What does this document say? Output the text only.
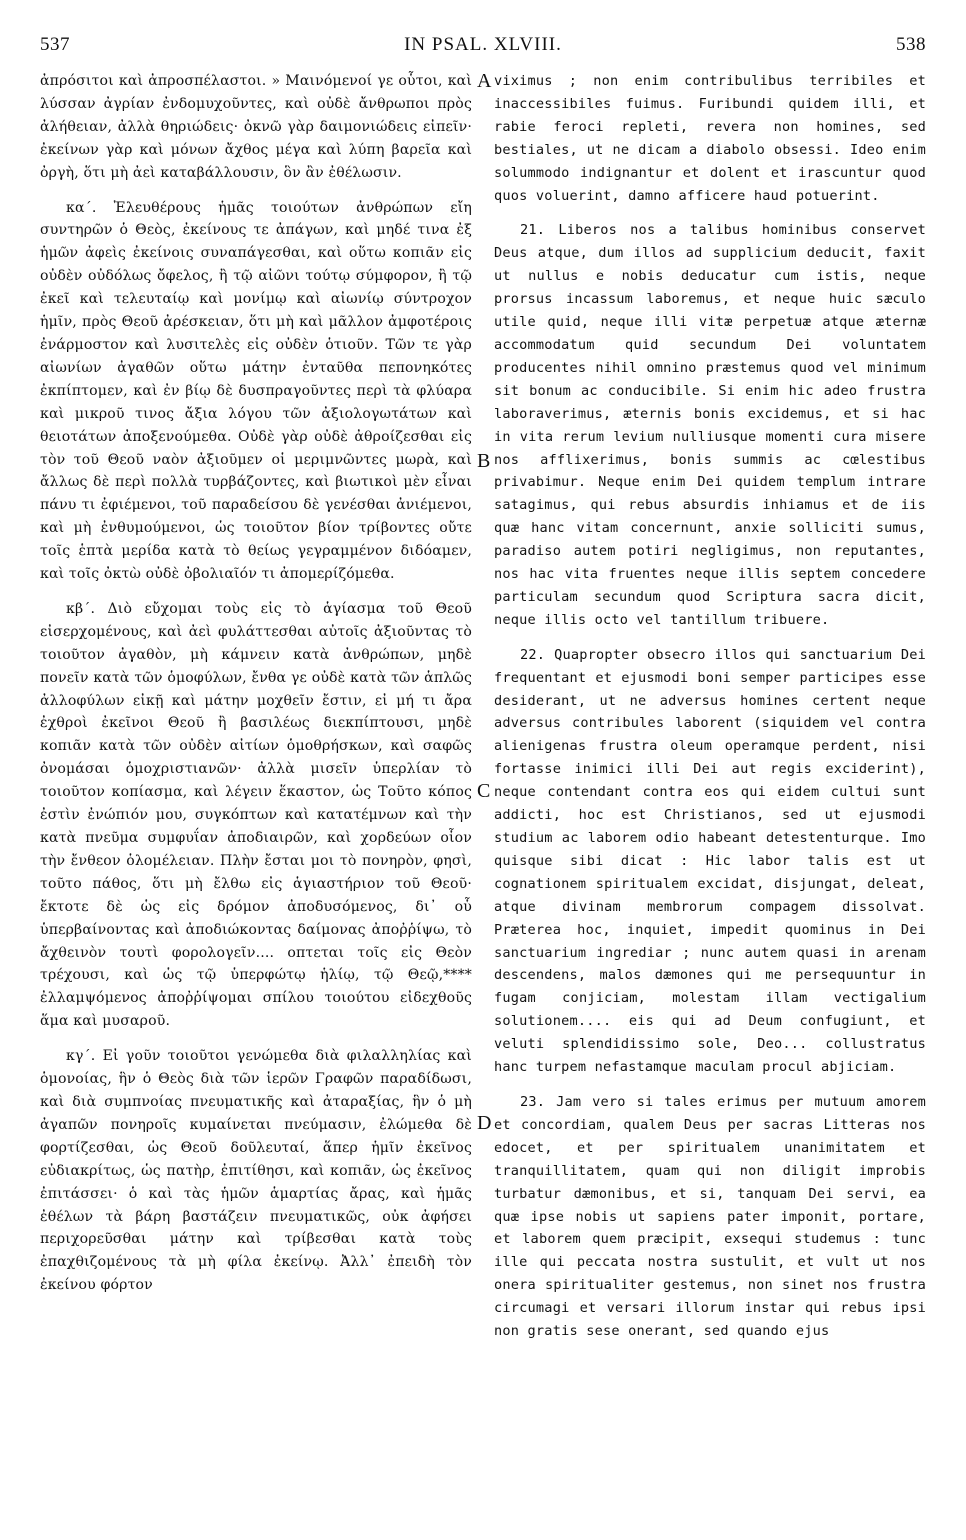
537	IN PSAL. XLVIII.	538

ἀπρόσιτοι καὶ ἀπροσπέλαστοι. » Μαινόμενοί γε οὗτοι, καὶ λύσσαν ἀγρίαν ἐνδομυχοῦντες, καὶ οὐδὲ ἄνθρωποι πρὸς ἀλήθειαν, ἀλλὰ θηριώδεις· ὀκνῶ γὰρ δαιμονιώδεις εἰπεῖν· ἐκείνων γὰρ καὶ μόνων ἄχθος μέγα καὶ λύπη βαρεῖα καὶ ὀργὴ, ὅτι μὴ ἀεὶ καταβάλλουσιν, ὃν ἂν ἐθέλωσιν.

κα΄. Ἐλευθέρους ἡμᾶς τοιούτων ἀνθρώπων εἴη συντηρῶν ὁ Θεὸς, ἐκείνους τε ἀπάγων, καὶ μηδέ τινα ἐξ ἡμῶν ἀφεὶς ἐκείνοις συναπάγεσθαι, καὶ οὕτω κοπιᾶν εἰς οὐδὲν οὐδόλως ὄφελος, ἢ τῷ αἰῶνι τούτῳ σύμφορον, ἢ τῷ ἐκεῖ καὶ τελευταίῳ καὶ μονίμῳ καὶ αἰωνίῳ σύντροχον ἡμῖν, πρὸς Θεοῦ ἀρέσκειαν, ὅτι μὴ καὶ μᾶλλον ἀμφοτέροις ἐνάρμοστον καὶ λυσιτελὲς εἰς οὐδὲν ὁτιοῦν. Τῶν τε γὰρ αἰωνίων ἀγαθῶν οὕτω μάτην ἐνταῦθα πεπονηκότες ἐκπίπτομεν, καὶ ἐν βίῳ δὲ δυσπραγοῦντες περὶ τὰ φλύαρα καὶ μικροῦ τινος ἄξια λόγου τῶν ἀξιολογωτάτων καὶ θειοτάτων ἀποξενούμεθα. Οὐδὲ γὰρ οὐδὲ ἀθροίζεσθαι εἰς τὸν τοῦ Θεοῦ ναὸν ἀξιοῦμεν οἱ μεριμνῶντες μωρὰ, καὶ ἄλλως δὲ περὶ πολλὰ τυρβάζοντες, καὶ βιωτικοὶ μὲν εἶναι πάνυ τι ἐφιέμενοι, τοῦ παραδείσου δὲ γενέσθαι ἀνιέμενοι, καὶ μὴ ἐνθυμούμενοι, ὡς τοιοῦτον βίον τρίβοντες οὔτε τοῖς ἑπτὰ μερίδα κατὰ τὸ θείως γεγραμμένον διδόαμεν, καὶ τοῖς ὀκτὼ οὐδὲ ὀβολιαῖόν τι ἀπομερίζόμεθα.

κβ΄. Διὸ εὔχομαι τοὺς εἰς τὸ ἁγίασμα τοῦ Θεοῦ εἰσερχομένους, καὶ ἀεὶ φυλάττεσθαι αὐτοῖς ἀξιοῦντας τὸ τοιοῦτον ἀγαθὸν, μὴ κάμνειν κατὰ ἀνθρώπων, μηδὲ πονεῖν κατὰ τῶν ὁμοφύλων, ἔνθα γε οὐδὲ κατὰ τῶν ἁπλῶς ἀλλοφύλων εἰκῇ καὶ μάτην μοχθεῖν ἔστιν, εἰ μή τι ἄρα ἐχθροὶ ἐκεῖνοι Θεοῦ ἢ βασιλέως διεκπίπτουσι, μηδὲ κοπιᾶν κατὰ τῶν οὐδὲν αἰτίων ὁμοθρήσκων, καὶ σαφῶς ὀνομάσαι ὁμοχριστιανῶν· ἀλλὰ μισεῖν ὑπερλίαν τὸ τοιοῦτον κοπίασμα, καὶ λέγειν ἕκαστον, ὡς Τοῦτο κόπος ἐστὶν ἐνώπιόν μου, συγκόπτων καὶ κατατέμνων καὶ τὴν κατὰ πνεῦμα συμφυΐαν ἀποδιαιρῶν, καὶ χορδεύων οἷον τὴν ἔνθεον ὁλομέλειαν. Πλὴν ἔσται μοι τὸ πονηρὸν, φησὶ, τοῦτο πάθος, ὅτι μὴ ἔλθω εἰς ἁγιαστήριον τοῦ Θεοῦ· ἔκτοτε δὲ ὡς εἰς δρόμον ἀποδυσόμενος, δι᾽ οὗ ὑπερβαίνοντας καὶ ἀποδιώκοντας δαίμονας ἀποῤῥίψω, τὸ ἄχθεινὸν τουτὶ φορολογεῖν.... οπτεται τοῖς εἰς Θεὸν τρέχουσι, καὶ ὡς τῷ ὑπερφώτῳ ἡλίῳ, τῷ Θεῷ,**** ἐλλαμψόμενος ἀποῤῥίψομαι σπίλου τοιούτου εἰδεχθοῦς ἅμα καὶ μυσαροῦ.

κγ΄. Εἰ γοῦν τοιοῦτοι γενώμεθα διὰ φιλαλληλίας καὶ ὁμονοίας, ἣν ὁ Θεὸς διὰ τῶν ἱερῶν Γραφῶν παραδίδωσι, καὶ διὰ συμπνοίας πνευματικῆς καὶ ἀταραξίας, ἣν ὁ μὴ ἀγαπῶν πονηροῖς κυμαίνεται πνεύμασιν, ἐλώμεθα δὲ φορτίζεσθαι, ὡς Θεοῦ δοῦλευταί, ἅπερ ἡμῖν ἐκεῖνος εὐδιακρίτως, ὡς πατὴρ, ἐπιτίθησι, καὶ κοπιᾶν, ὡς ἐκεῖνος ἐπιτάσσει· ὁ καὶ τὰς ἡμῶν ἁμαρτίας ἄρας, καὶ ἡμᾶς ἐθέλων τὰ βάρη βαστάζειν πνευματικῶς, οὐκ ἀφήσει περιχορεῦσθαι μάτην καὶ τρίβεσθαι κατὰ τοὺς ἐπαχθιζομένους τὰ μὴ φίλα ἐκείνῳ. Ἀλλ᾽ ἐπειδὴ τὸν ἐκείνου φόρτον

viximus ; non enim contribulibus terribiles et inaccessibiles fuimus. Furibundi quidem illi, et rabie feroci repleti, revera non homines, sed bestiales, ut ne dicam a diabolo obsessi. Ideo enim solummodo indignantur et dolent et irascuntur quod quos voluerint, damno afficere haud potuerint.

21. Liberos nos a talibus hominibus conservet Deus atque, dum illos ad supplicium deducit, faxit ut nullus e nobis deducatur cum istis, neque prorsus incassum laboremus, et neque huic sæculo utile quid, neque illi vitæ perpetuæ atque æternæ accommodatum quid secundum Dei voluntatem producentes nihil omnino præstemus quod vel minimum sit bonum ac conducibile. Si enim hic adeo frustra laboraverimus, æternis bonis excidemus, et si hac in vita rerum levium nulliusque momenti cura misere nos afflixerimus, bonis summis ac cœlestibus privabimur. Neque enim Dei quidem templum intrare satagimus, qui rebus absurdis inhiamus et de iis quæ hanc vitam concernunt, anxie solliciti sumus, paradiso autem potiri negligimus, non reputantes, nos hac vita fruentes neque illis septem concedere particulam secundum quod Scriptura sacra dicit, neque illis octo vel tantillum tribuere.

22. Quapropter obsecro illos qui sanctuarium Dei frequentant et ejusmodi boni semper participes esse desiderant, ut ne adversus homines certent neque adversus contribules laborent (siquidem vel contra alienigenas frustra oleum operamque perdent, nisi fortasse inimici illi Dei aut regis exciderint), neque contendant contra eos qui eidem cultui sunt addicti, hoc est Christianos, sed ut ejusmodi studium ac laborem odio habeant detestenturque. Imo quisque sibi dicat : Hic labor talis est ut cognationem spiritualem excidat, disjungat, deleat, atque divinam membrorum compagem dissolvat. Præterea hoc, inquiet, impedit quominus in Dei sanctuarium ingrediar ; nunc autem quasi in arenam descendens, malos dæmones qui me persequuntur in fugam conjiciam, molestam illam vectigalium solutionem.... eis qui ad Deum confugiunt, et veluti splendidissimo sole, Deo... collustratus hanc turpem nefastamque maculam procul abjiciam.

23. Jam vero si tales erimus per mutuum amorem et concordiam, qualem Deus per sacras Litteras nos edocet, et per spiritualem unanimitatem et tranquillitatem, quam qui non diligit improbis turbatur dæmonibus, et si, tanquam Dei servi, ea quæ ipse nobis ut sapiens pater imponit, portare, et laborem quem præcipit, exsequi studemus : tunc ille qui peccata nostra sustulit, et vult ut nos onera spiritualiter gestemus, non sinet nos frustra circumagi et versari illorum instar qui rebus ipsi non gratis sese onerant, sed quando ejus

A
B
C
D
